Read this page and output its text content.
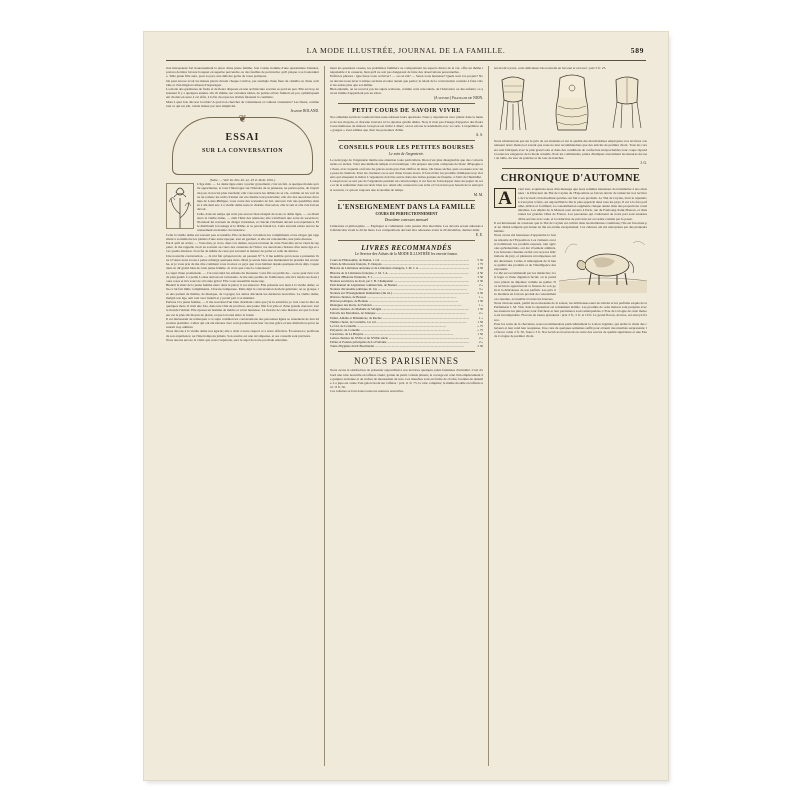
LA MODE ILLUSTRÉE, JOURNAL DE LA FAMILLE.	589

tion marquaient fort heureusement la place d'une jeune femme. Son voisin, homme d'une quarantaine d'années, portera derrière lui une bouquet en superbe pervenche ou des feuilles de pervenche; qu'il plaque à sa boutonnière. Telle jeune fille aura, pour sa part, une délicate gerbe de roses pompons.

On peut encore avoir les menus placés devant chaque convive, par exemple d'une fleur de camélia ou d'une orchidée et d'un mignon rameau d'Asparagus.

La mode des garnitures de fruits et de fleurs disposés en une architecture savante se perd un peu. Elle est trop en honneur fi y a quelques années. On vit même, sur certaines tables, de petites arbres fruitiers en pot, symétriquement choisis en serre à cet effet, à la fin du repas les invités faisaient la cueillette.

Mais à quoi bon décorer la table? A quoi bon chercher de volumineux et coûteux ornements? Les fleurs, comme tout ce qui est joli, valent mieux par leur simplicité.

Jeanne ROLAND.

❦
ESSAI
SUR LA CONVERSATION

(Suite. — Voir les Nos 40, 42, 43 et 46 de 1901.)

L'âge mûr. — La dame âgée entre à parler gravement; c'est un fait. A quelque monde qu'elle appartienne, si vous l'interrogez sur l'histoire de sa jeunesse, ne parlera plus, de l'esprit du jour, rien n'est plus touchant; elle vous narre les débuts de sa vie, comme on les voit dans un roman; les récits d'antan ont un charme tout particulier; elle cite des anecdotes du temps de Louis-Philippe, vous conte des souvenirs de bal, retrouve l'air des quadrilles dansés à dix-huit ans. La vieille dame reste le charme d'un salon, elle le sait et elle s'en fait un devoir.

Jadis, dans un temps qui n'est pas encore bien éloigné de nous, la dame âgée, — on disait alors la vieille dame, — était l'âme des réunions; elle s'attribuait une sorte de sacerdoce; l'honneur lui revenait de diriger l'entretien, et chacun s'inclinait devant son expérience. Elle distribuait la louange et le blâme, et sa parole faisait loi. Cette autorité existe encore heureusement en mainte circonstance.

Celle la vieille dame est souvent peu accessible. Elle recherche volontiers les compliments et les éloges qui rappellent à sa mémoire les plaisirs d'une autre époque, tout en gardant, si elle est raisonnable, une juste mesure.

Est-il qu'il en arrive. — Vous êtes, je crois, dans vos dames, un peu revenue de cette Nouvelle qu'on vient de rappeler. Je me rappelle avoir su souvent au cours des causeries de l'hiver ces anecdotes choisies d'un autre âge et avec quelle émotion. Il en fut de même de ceux qui savaient la mesure de parler et celle du silence.

Une nouvelle conversation. — Je n'ai fait qu'apercevoir, en passant N° 5, il me semble qu'on nous a présentés l'une à l'autre nous avons à peine échangé quelques mots. Mais je serais bien aise maintenant de prendre ma revanche, et je vous prie de me dire comment vous trouvez ce pays que vous habitez depuis quelques mois déjà. Cependant on dit grand bien de cette jeune femme. Je crois que vous la connaissez?

Le sujet d'une promenade. — J'ai rencontré les enfants du monsieur votre fils au jardin du... ou ne peut rien voir de plus gentil. La petite Louise surtout est ravissante. Je me suis permis de l'embrasser, elle m'a tendu ses deux joues roses et m'a souri de si bonne grâce! Elle vous ressemble beaucoup.

Bientôt le mari de la jeune femme entre dans la pièce; il est annoncé. Elle présente son mari à la vieille dame; celle-ci lui fait mille compliments. Chacun s'empresse. Mais déjà la conversation devient générale; on se groupe, les uns parlent de théâtre, de musique, de voyages; les autres discutent les dernières nouvelles. La vieille dame, malgré son âge, suit tout avec intérêt et y prend part à sa manière.

Parlons à la jeune femme, — il me souvient d'un bien charmant conte que j'ai lu autrefois; je vais vous le dire en quelques mots. Il était une fois, dans une ville de province, une jeune fille fort jolie et d'une grande douceur; tout le monde l'aimait. Elle épousa un homme de mérite et vécut heureuse. La morale de cette histoire est que la douceur est le plus sûr moyen de plaire; et que la bonté attire la bonté.

Il est intéressant de remarquer à ce sujet combien les conversations des personnes âgées se ressentent de leur éducation première. Celles qui ont été élevées avec soin gardent toute leur vie une grâce et une distinction qu'on ne saurait trop admirer.

Nous devons à la vieille dame nos égards; elle a droit à notre respect et à notre affection. Écoutons-la; profitons de son expérience; ne l'interrompons jamais. Son sourire est une récompense, et ses conseils sont précieux.

Nous aurons encore la visite qui, nous l'espérons, sera le sujet de notre prochain entretien.

ment les questions vexées, les problèmes familiers ou comprennent les aspects divers de la vie, offre un thème inépuisable à la causerie, bien qu'il ne soit pas dangereux de faire des observations personnelles.

Enfin les phrases : Que ferez-vous cet hiver? — ou cet été? — Serez-vous heureuse? Quels sont vos projets? Nous devons nous lever à temps; sachons écouter autant que parler; le talent de la conversation consiste à faire valoir les autres plus que soi-même.

Bien entendu, on ne recevra pas les sujets scabreux, comme ceux rencontrés, de l'éducation ou des enfants; ce qui est intime n'appartient pas au salon.

(A suivre.) François de NION.

PETIT COURS DE SAVOIR VIVRE

Nos aimables lectrices voudront bien nous adresser leurs questions. Nous y répondrons avec plaisir dans la mesure de nos moyens, et chacune trouvera ici la réponse qu'elle désire. Non, il n'est pas d'usage d'apporter des fleurs à une maîtresse de maison lorsqu'on est invité à dîner; on les envoie le lendemain avec sa carte. L'expédition de « gaugue » n'est admise que chez les personnes d'élite.

A. S.

CONSEILS POUR LES PETITES BOURSES
Le soin de l'argenterie.

Le nettoyage de l'argenterie mérite une attention toute particulière. Rien n'est plus désagréable que des couverts ternis ou tachés. Voici une méthode simple et économique : On prépare une pâte composée de blanc d'Espagne et d'eau, avec laquelle on frotte les pièces au moyen d'un chiffon de laine. On laisse sécher, puis on essuie avec une peau de chamois. Pour les ciselures on se sert d'une brosse douce. Il faut éviter les produits chimiques trop violents qui attaquent le métal. L'argenterie doit être serrée dans des boîtes garnies de flanelle, à l'abri de l'humidité.

Lorsqu'on ne se sert pas de l'argenterie pendant un certain temps, il est bon de l'envelopper dans du papier de soie et de la renfermer dans un tiroir bien sec. Ainsi elle conservera son éclat et l'on n'aura pas besoin de la nettoyer si souvent, ce qui est toujours une économie de temps.

M. M.

L'ENSEIGNEMENT DANS LA FAMILLE
COURS DE PERFECTIONNEMENT
Deuxième concours mensuel

Littérature et philosophie. — Expliquer et commenter cette pensée d'un moraliste. Les devoirs seront adressés à la Rédaction avant le 20 du mois. Les compositions devront être adressées avant le 20 décembre, dernier délai.

E. E.

LIVRES RECOMMANDÉS
Le Service des Achats de la MODE ILLUSTRÉE les envoie franco.
Cours de Philosophie, de Dunan, 1 vol. .....	5 50
Choix de Morceaux français, E. Despois. .....	1 75
Histoire de Littérature ancienne et de Littérature étrangère, J. M. J. A. .....	4 50
Histoire de la Littérature française, J. M. J. A. .....	4 50
Notions d'Histoire Naturelle, F. J. .....	3 50
Notions succinctes de droit, par J. B. Champenier .....	2 50
Petit manuel de Législation commerciale, de Bonnet .....	2 »
Notions d'économie politique, R. Jay .....	3 »
Notions sur l'Enseignement élémentaire (IIe éd.) .....	2 50
Œuvres choisies, de Bossuet .....	1 »
Œuvres poétiques, de Boileau .....	1 50
Dialogues des morts, de Fénelon .....	1 »
Lettres choisies, de Madame de Sévigné .....	1 50
Extraits des Moralistes, de Sénèque .....	2 »
Esther, Athalie et Britannicus, de Racine .....	1 »
Théâtre choisi, de Corneille, 1er vol. .....	1 50
Le Cid, de Corneille .....	» 75
Polyeucte, de Corneille .....	» 75
Caractères, de La Bruyère .....	1 50
Lettres choisies du XVIIe et du XVIIIe siècle .....	2 »
Fables et Poésies principales de La Fontaine .....	2 »
Traité d'hygiène du Dr Bouchardat .....	2 50
NOTES PARISIENNES

Nous avons la satisfaction de présenter aujourd'hui à nos lectrices quelques jolies fantaisies d'actualité. C'est d'abord une robe nouvelle en taffetas ciselé, garnie de petits volants plissés; le corsage est orné d'un empiècement de guipure ancienne et de ruches de mousseline de soie. Les manches sont en forme de cloche, bordées de dentelle. La jupe est ornée d'un galon brodé sur taffetas : prix 11 fr. 75, la robe complète; le même modèle en taffetas uni : 8 fr. 50.

Ces toilettes se font dans toutes les nuances nouvelles.

les brodé à jours, cette délicieuse très nouvelle en lui sont et en lacet : prix 5 fr. 25.

Nous n'insisterons pas sur le prix de ces modèles et sur la qualité des marchandises employées; nos lectrices connaissent notre maison et savent que nous ne leur recommandons que des articles de premier choix. Tous les corsets sont fabriqués avec le plus grand soin et dans des conditions de confection irréprochables; leur coupe répond à toutes les exigences de la mode actuelle. Pour les commandes, prière d'indiquer exactement les mesures du tour de taille, du tour de poitrine et du tour de hanches.

J. G.

CHRONIQUE D'AUTOMNE
A	vant tout, acquittons-nous d'un message que nous sommes heureuses de transmettre à nos abonnées : le Directeur du Thé de Ceylan de l'Exposition se fait un devoir de remercier nos lectrices de l'accueil si bienveillant qu'elles ont fait à ses produits. Le Thé de Ceylan, dont la réputation n'est plus à faire, est aujourd'hui le thé le plus apprécié dans tous les pays. Il est à la fois parfumé, délicat et fortifiant; sa consommation augmente chaque année dans des proportions considérables. Les dépôts de la Maison sont ouverts à Paris, rue du Faubourg-Saint-Honoré, et dans toutes les grandes villes de France. Les personnes qui s'adressent de notre part sont assurées d'être servies avec soin, et la réduction de prix leur est accordée comme par le passé.

Il est intéressant de constater que le Thé de Ceylan est cultivé dans les meilleures conditions; l'île est favorisée par un climat tempéré qui donne au thé un arôme exceptionnel. Ces cultures ont été entreprises par des planteurs habiles.

Nous avons été heureuses d'apprendre la bonne réussite de l'Exposition. Les visiteurs ont été nombreux; les produits exposés, tant agricoles qu'industriels, ont été vivement admirés. Les boissons chaudes au thé ont reçu les félicitations du jury, et plusieurs récompenses ont été décernées. Celles-ci témoignent de la haute qualité des produits et de l'intelligence des exposants.

Ce thé est recommandé par les médecins; il est léger et d'une digestion facile; on le prend avec plaisir au déjeuner comme au goûter. Nos lectrices apprécieront la finesse de son goût et la délicatesse de son parfum. Les prix très modérés en font un produit de consommation courante, accessible à toutes les bourses.

Nous citerons aussi, parmi les nouveautés de la saison, les délicieuses eaux de toilette et les parfums exquis de la Parfumerie J. M. Vial, dont la réputation est solidement établie. Les produits de cette maison sont préparés avec les essences les plus pures; leur fraîcheur et leur persistance sont remarquables. L'Eau de Cologne de cette maison est incomparable. Flacons de toutes grandeurs : prix 3 fr., 5 fr. et 10 fr. Le grand flacon, de luxe, est envoyé franco.

Pour les soins de la chevelure, nous recommandons particulièrement la Lotion végétale, qui arrête la chute des cheveux et leur rend leur souplesse. Une cure de quelques semaines suffit pour obtenir des résultats surprenants; le flacon coûte 2 fr. 50, franco 3 fr. Nos lectrices trouveront en outre des savons de qualité supérieure et une Eau de Cologne de premier choix.
